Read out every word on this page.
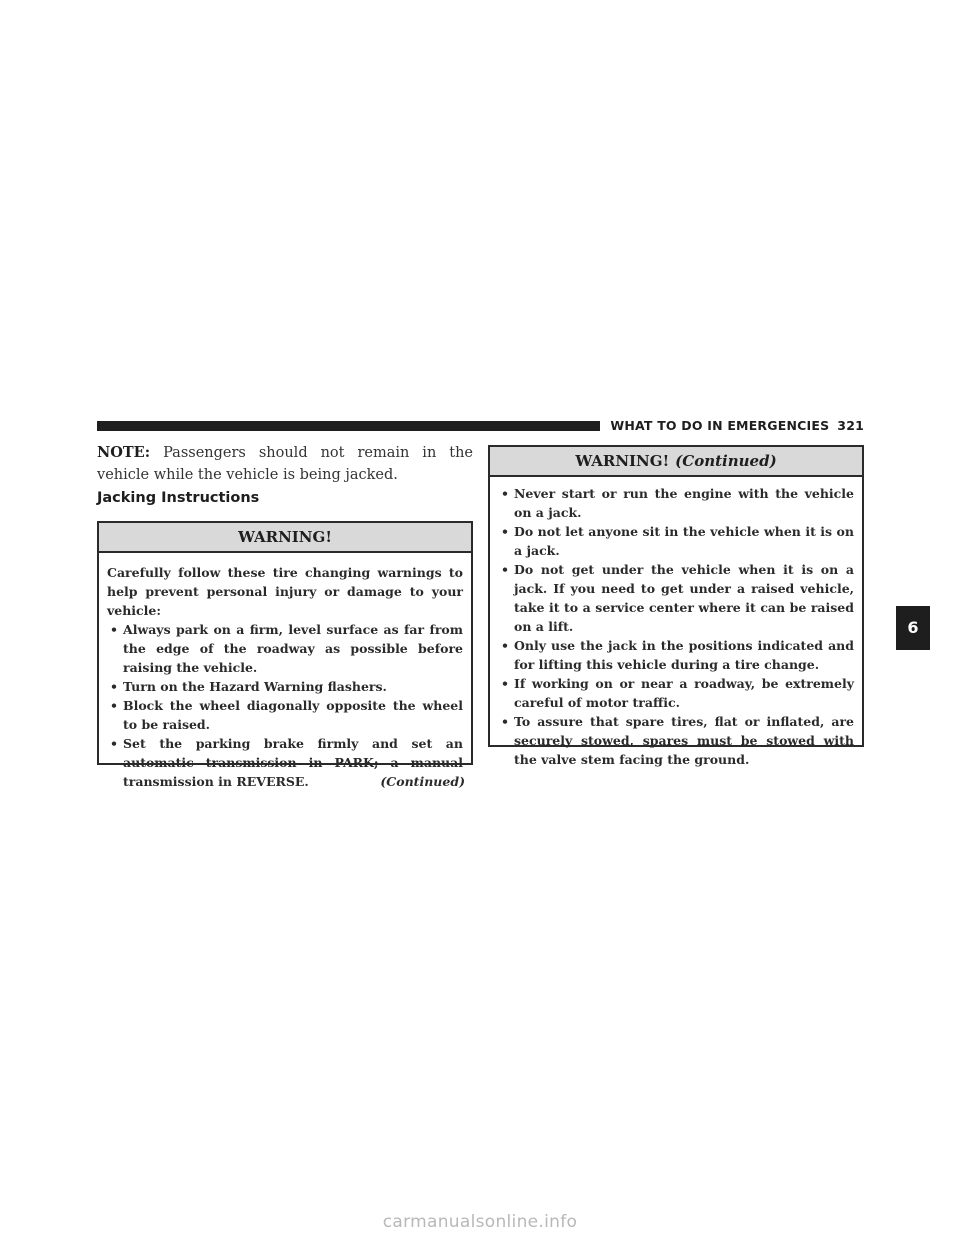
WHAT TO DO IN EMERGENCIES 321
6
NOTE: Passengers should not remain in the vehicle while the vehicle is being jacked.
Jacking Instructions
WARNING!

Carefully follow these tire changing warnings to help prevent personal injury or damage to your vehicle:

• Always park on a firm, level surface as far from the edge of the roadway as possible before raising the vehicle.
• Turn on the Hazard Warning flashers.
• Block the wheel diagonally opposite the wheel to be raised.
• Set the parking brake firmly and set an automatic transmission in PARK; a manual transmission in REVERSE.	(Continued)
WARNING! (Continued)
• Never start or run the engine with the vehicle on a jack.
• Do not let anyone sit in the vehicle when it is on a jack.
• Do not get under the vehicle when it is on a jack. If you need to get under a raised vehicle, take it to a service center where it can be raised on a lift.
• Only use the jack in the positions indicated and for lifting this vehicle during a tire change.
• If working on or near a roadway, be extremely careful of motor traffic.
• To assure that spare tires, flat or inflated, are securely stowed, spares must be stowed with the valve stem facing the ground.
carmanualsonline.info
